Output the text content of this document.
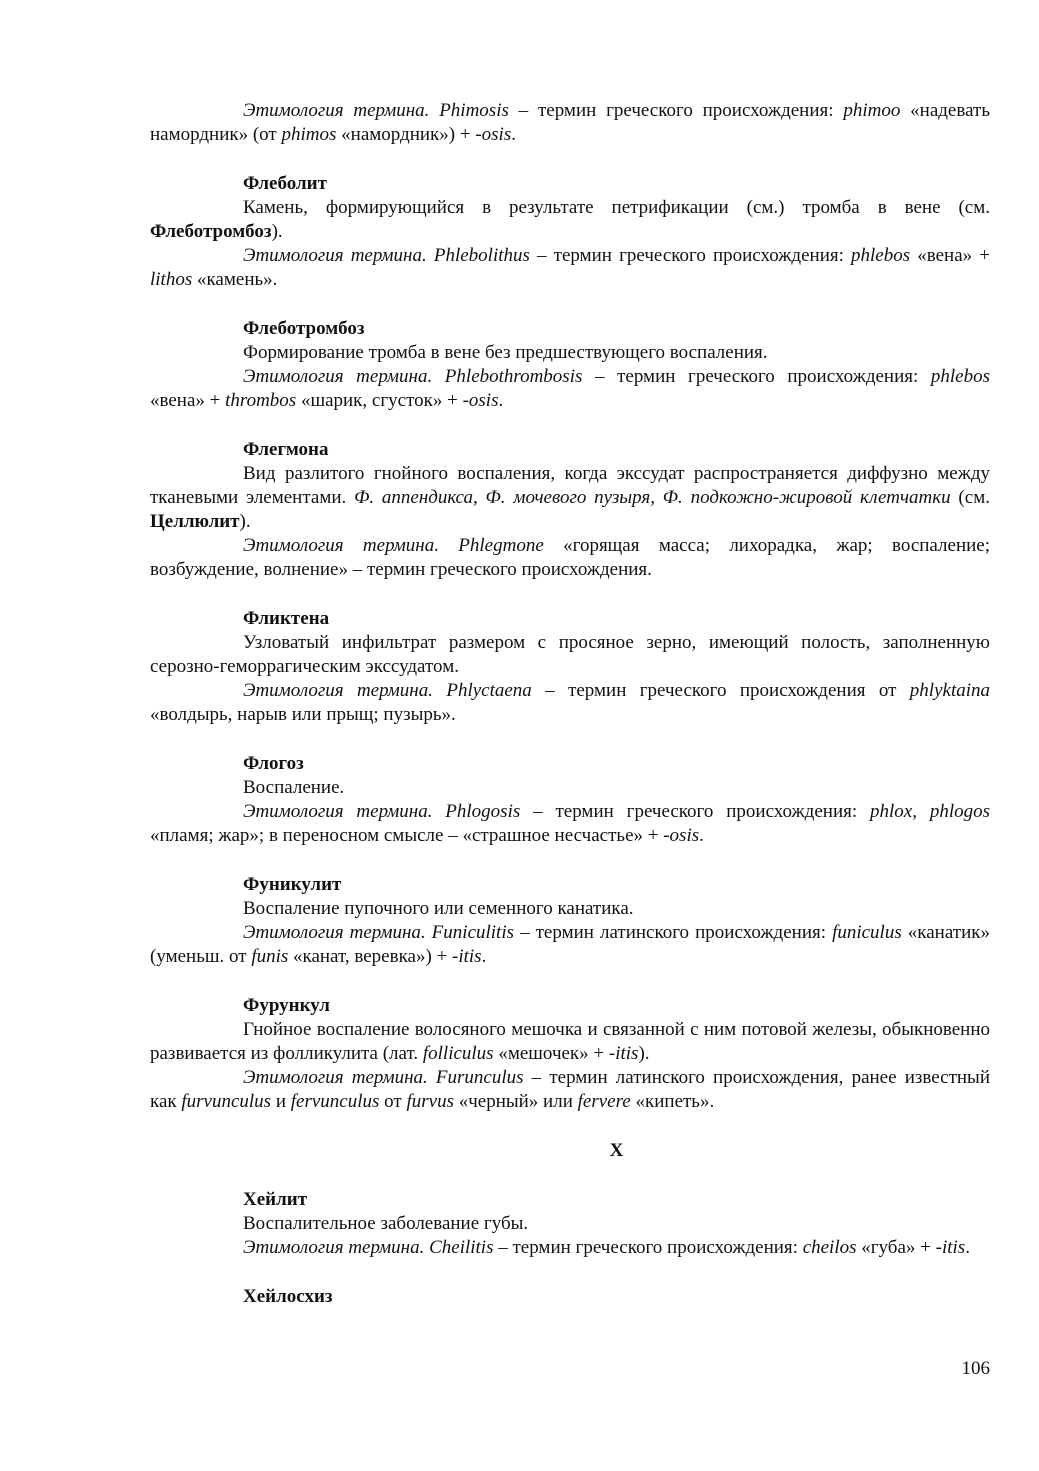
Этимология термина. Phimosis – термин греческого происхождения: phimoo «надевать намордник» (от phimos «намордник») + -osis.

Флеболит

Камень, формирующийся в результате петрификации (см.) тромба в вене (см. Флеботромбоз).

Этимология термина. Phlebolithus – термин греческого происхождения: phlebos «вена» + lithos «камень».

Флеботромбоз

Формирование тромба в вене без предшествующего воспаления.

Этимология термина. Phlebothrombosis – термин греческого происхождения: phlebos «вена» + thrombos «шарик, сгусток» + -osis.

Флегмона

Вид разлитого гнойного воспаления, когда экссудат распространяется диффузно между тканевыми элементами. Ф. аппендикса, Ф. мочевого пузыря, Ф. подкожно-жировой клетчатки (см. Целлюлит).

Этимология термина. Phlegmone «горящая масса; лихорадка, жар; воспаление; возбуждение, волнение» – термин греческого происхождения.

Фликтена

Узловатый инфильтрат размером с просяное зерно, имеющий полость, заполненную серозно-геморрагическим экссудатом.

Этимология термина. Phlyctaena – термин греческого происхождения от phlyktaina «волдырь, нарыв или прыщ; пузырь».

Флогоз

Воспаление.

Этимология термина. Phlogosis – термин греческого происхождения: phlox, phlogos «пламя; жар»; в переносном смысле – «страшное несчастье» + -osis.

Фуникулит

Воспаление пупочного или семенного канатика.

Этимология термина. Funiculitis – термин латинского происхождения: funiculus «канатик» (уменьш. от funis «канат, веревка») + -itis.

Фурункул

Гнойное воспаление волосяного мешочка и связанной с ним потовой железы, обыкновенно развивается из фолликулита (лат. folliculus «мешочек» + -itis).

Этимология термина. Furunculus – термин латинского происхождения, ранее известный как furvunculus и fervunculus от furvus «черный» или fervere «кипеть».

Х

Хейлит

Воспалительное заболевание губы.

Этимология термина. Cheilitis – термин греческого происхождения: cheilos «губа» + -itis.

Хейлосхиз

106
